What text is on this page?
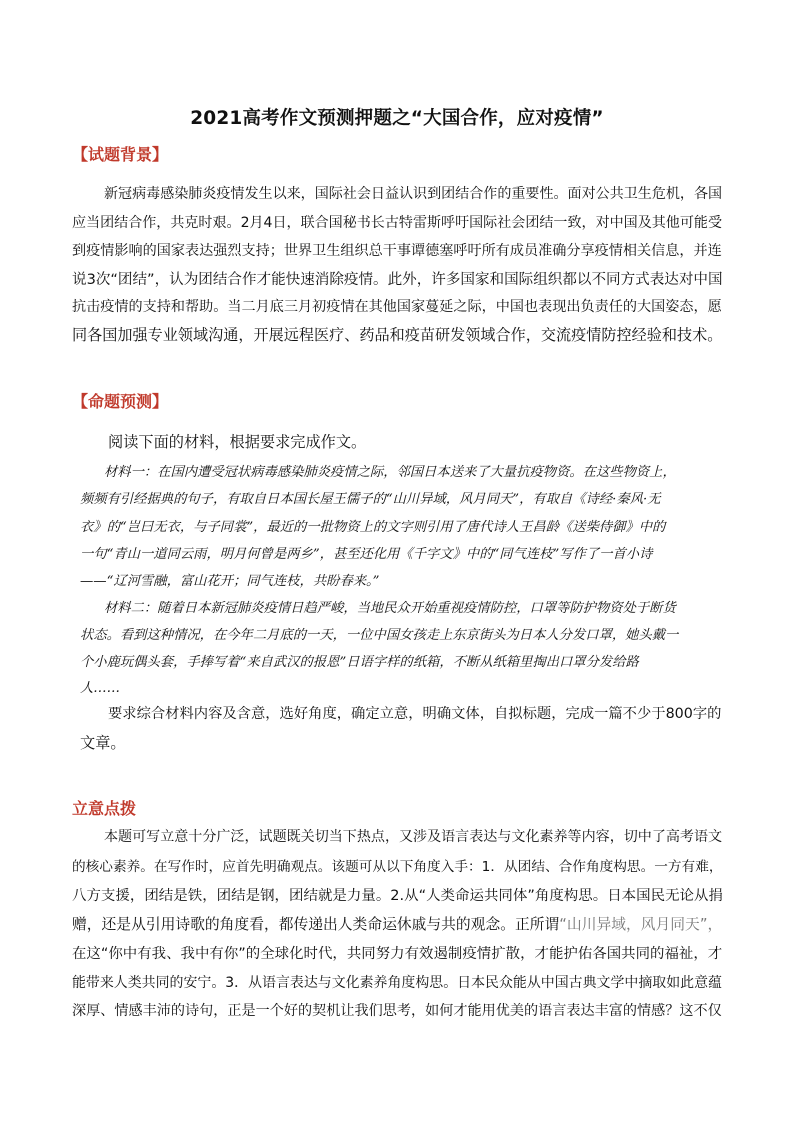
2021高考作文预测押题之“大国合作，应对疫情”
【试题背景】
新冠病毒感染肺炎疫情发生以来，国际社会日益认识到团结合作的重要性。面对公共卫生危机，各国
应当团结合作，共克时艰。2月4日，联合国秘书长古特雷斯呼吁国际社会团结一致，对中国及其他可能受
到疫情影响的国家表达强烈支持；世界卫生组织总干事谭德塞呼吁所有成员准确分享疫情相关信息，并连
说3次“团结”，认为团结合作才能快速消除疫情。此外，许多国家和国际组织都以不同方式表达对中国
抗击疫情的支持和帮助。当二月底三月初疫情在其他国家蔓延之际，中国也表现出负责任的大国姿态，愿
同各国加强专业领域沟通，开展远程医疗、药品和疫苗研发领域合作，交流疫情防控经验和技术。
【命题预测】
阅读下面的材料，根据要求完成作文。
材料一：在国内遭受冠状病毒感染肺炎疫情之际，邻国日本送来了大量抗疫物资。在这些物资上，
频频有引经据典的句子，有取自日本国长屋王儒子的“山川异域，风月同天”，有取自《诗经·秦风·无
衣》的“岂曰无衣，与子同裳”，最近的一批物资上的文字则引用了唐代诗人王昌龄《送柴侍御》中的
一句“青山一道同云雨，明月何曾是两乡”，甚至还化用《千字文》中的“同气连枝”写作了一首小诗
——“辽河雪融，富山花开；同气连枝，共盼春来。”
材料二：随着日本新冠肺炎疫情日趋严峻，当地民众开始重视疫情防控，口罩等防护物资处于断货
状态。看到这种情况，在今年二月底的一天，一位中国女孩走上东京街头为日本人分发口罩，她头戴一
个小鹿玩偶头套，手捧写着“来自武汉的报恩”日语字样的纸箱，不断从纸箱里掏出口罩分发给路
人……
要求综合材料内容及含意，选好角度，确定立意，明确文体，自拟标题，完成一篇不少于800字的
文章。
立意点拨
本题可写立意十分广泛，试题既关切当下热点，又涉及语言表达与文化素养等内容，切中了高考语文
的核心素养。在写作时，应首先明确观点。该题可从以下角度入手：1．从团结、合作角度构思。一方有难，
八方支援，团结是铁，团结是钢，团结就是力量。2.从“人类命运共同体”角度构思。日本国民无论从捐
赠，还是从引用诗歌的角度看，都传递出人类命运休戚与共的观念。正所谓“山川异域，风月同天”，
在这“你中有我、我中有你”的全球化时代，共同努力有效遏制疫情扩散，才能护佑各国共同的福祉，才
能带来人类共同的安宁。3．从语言表达与文化素养角度构思。日本民众能从中国古典文学中摘取如此意蕴
深厚、情感丰沛的诗句，正是一个好的契机让我们思考，如何才能用优美的语言表达丰富的情感？这不仅
